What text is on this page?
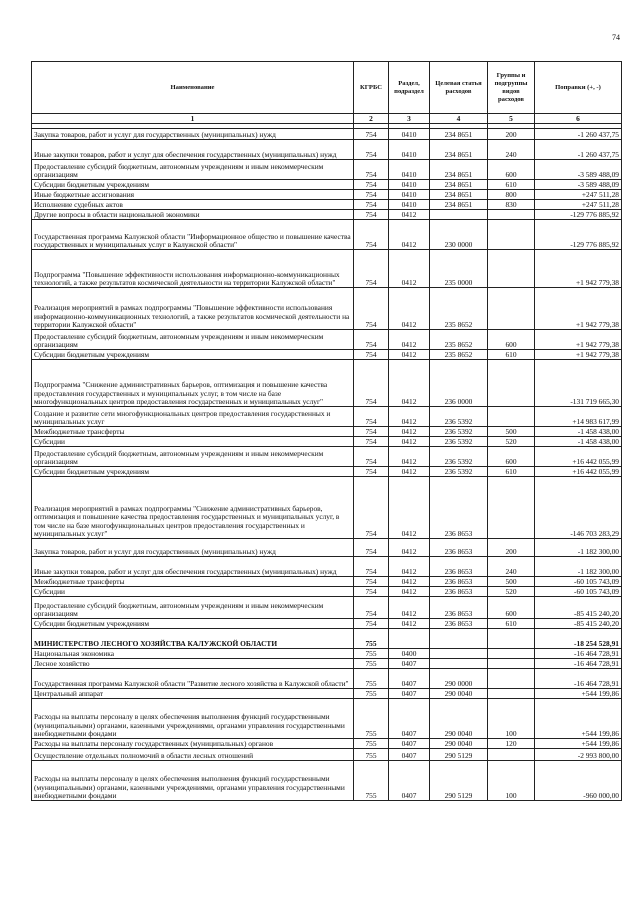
74
Наименование	КГРБС	Раздел, подраздел	Целевая статья расходов	Группы и подгруппы видов расходов	Поправки (+, -)
1	2	3	4	5	6

Закупка товаров, работ и услуг для государственных (муниципальных) нужд	754	0410	234 8651	200	-1 260 437,75
Иные закупки товаров, работ и услуг для обеспечения государственных (муниципальных) нужд	754	0410	234 8651	240	-1 260 437,75
Предоставление субсидий бюджетным, автономным учреждениям и иным некоммерческим организациям	754	0410	234 8651	600	-3 589 488,09
Субсидии бюджетным учреждениям	754	0410	234 8651	610	-3 589 488,09
Иные бюджетные ассигнования	754	0410	234 8651	800	+247 511,28
Исполнение судебных актов	754	0410	234 8651	830	+247 511,28
Другие вопросы в области национальной экономики	754	0412			-129 776 885,92
Государственная программа Калужской области "Информационное общество и повышение качества государственных и муниципальных услуг в Калужской области"	754	0412	230 0000		-129 776 885,92
Подпрограмма "Повышение эффективности использования информационно-коммуникационных технологий, а также результатов космической деятельности на территории Калужской области"	754	0412	235 0000		+1 942 779,38
Реализация мероприятий в рамках подпрограммы "Повышение эффективности использования информационно-коммуникационных технологий, а также результатов космической деятельности на территории Калужской области"	754	0412	235 8652		+1 942 779,38
Предоставление субсидий бюджетным, автономным учреждениям и иным некоммерческим организациям	754	0412	235 8652	600	+1 942 779,38
Субсидии бюджетным учреждениям	754	0412	235 8652	610	+1 942 779,38
Подпрограмма "Снижение административных барьеров, оптимизация и повышение качества предоставления государственных и муниципальных услуг, в том числе на базе многофункциональных центров предоставления государственных и муниципальных услуг"	754	0412	236 0000		-131 719 665,30
Создание и развитие сети многофункциональных центров предоставления государственных и муниципальных услуг	754	0412	236 5392		+14 983 617,99
Межбюджетные трансферты	754	0412	236 5392	500	-1 458 438,00
Субсидии	754	0412	236 5392	520	-1 458 438,00
Предоставление субсидий бюджетным, автономным учреждениям и иным некоммерческим организациям	754	0412	236 5392	600	+16 442 055,99
Субсидии бюджетным учреждениям	754	0412	236 5392	610	+16 442 055,99
Реализация мероприятий в рамках подпрограммы "Снижение административных барьеров, оптимизация и повышение качества предоставления государственных и муниципальных услуг, в том числе на базе многофункциональных центров предоставления государственных и муниципальных услуг"	754	0412	236 8653		-146 703 283,29
Закупка товаров, работ и услуг для государственных (муниципальных) нужд	754	0412	236 8653	200	-1 182 300,00
Иные закупки товаров, работ и услуг для обеспечения государственных (муниципальных) нужд	754	0412	236 8653	240	-1 182 300,00
Межбюджетные трансферты	754	0412	236 8653	500	-60 105 743,09
Субсидии	754	0412	236 8653	520	-60 105 743,09
Предоставление субсидий бюджетным, автономным учреждениям и иным некоммерческим организациям	754	0412	236 8653	600	-85 415 240,20
Субсидии бюджетным учреждениям	754	0412	236 8653	610	-85 415 240,20
МИНИСТЕРСТВО ЛЕСНОГО ХОЗЯЙСТВА КАЛУЖСКОЙ ОБЛАСТИ	755				-18 254 528,91
Национальная экономика	755	0400			-16 464 728,91
Лесное хозяйство	755	0407			-16 464 728,91
Государственная программа Калужской области "Развитие лесного хозяйства в Калужской области"	755	0407	290 0000		-16 464 728,91
Центральный аппарат	755	0407	290 0040		+544 199,86
Расходы на выплаты персоналу в целях обеспечения выполнения функций государственными (муниципальными) органами, казенными учреждениями, органами управления государственными внебюджетными фондами	755	0407	290 0040	100	+544 199,86
Расходы на выплаты персоналу государственных (муниципальных) органов	755	0407	290 0040	120	+544 199,86
Осуществление отдельных полномочий в области лесных отношений	755	0407	290 5129		-2 993 800,00
Расходы на выплаты персоналу в целях обеспечения выполнения функций государственными (муниципальными) органами, казенными учреждениями, органами управления государственными внебюджетными фондами	755	0407	290 5129	100	-960 000,00
